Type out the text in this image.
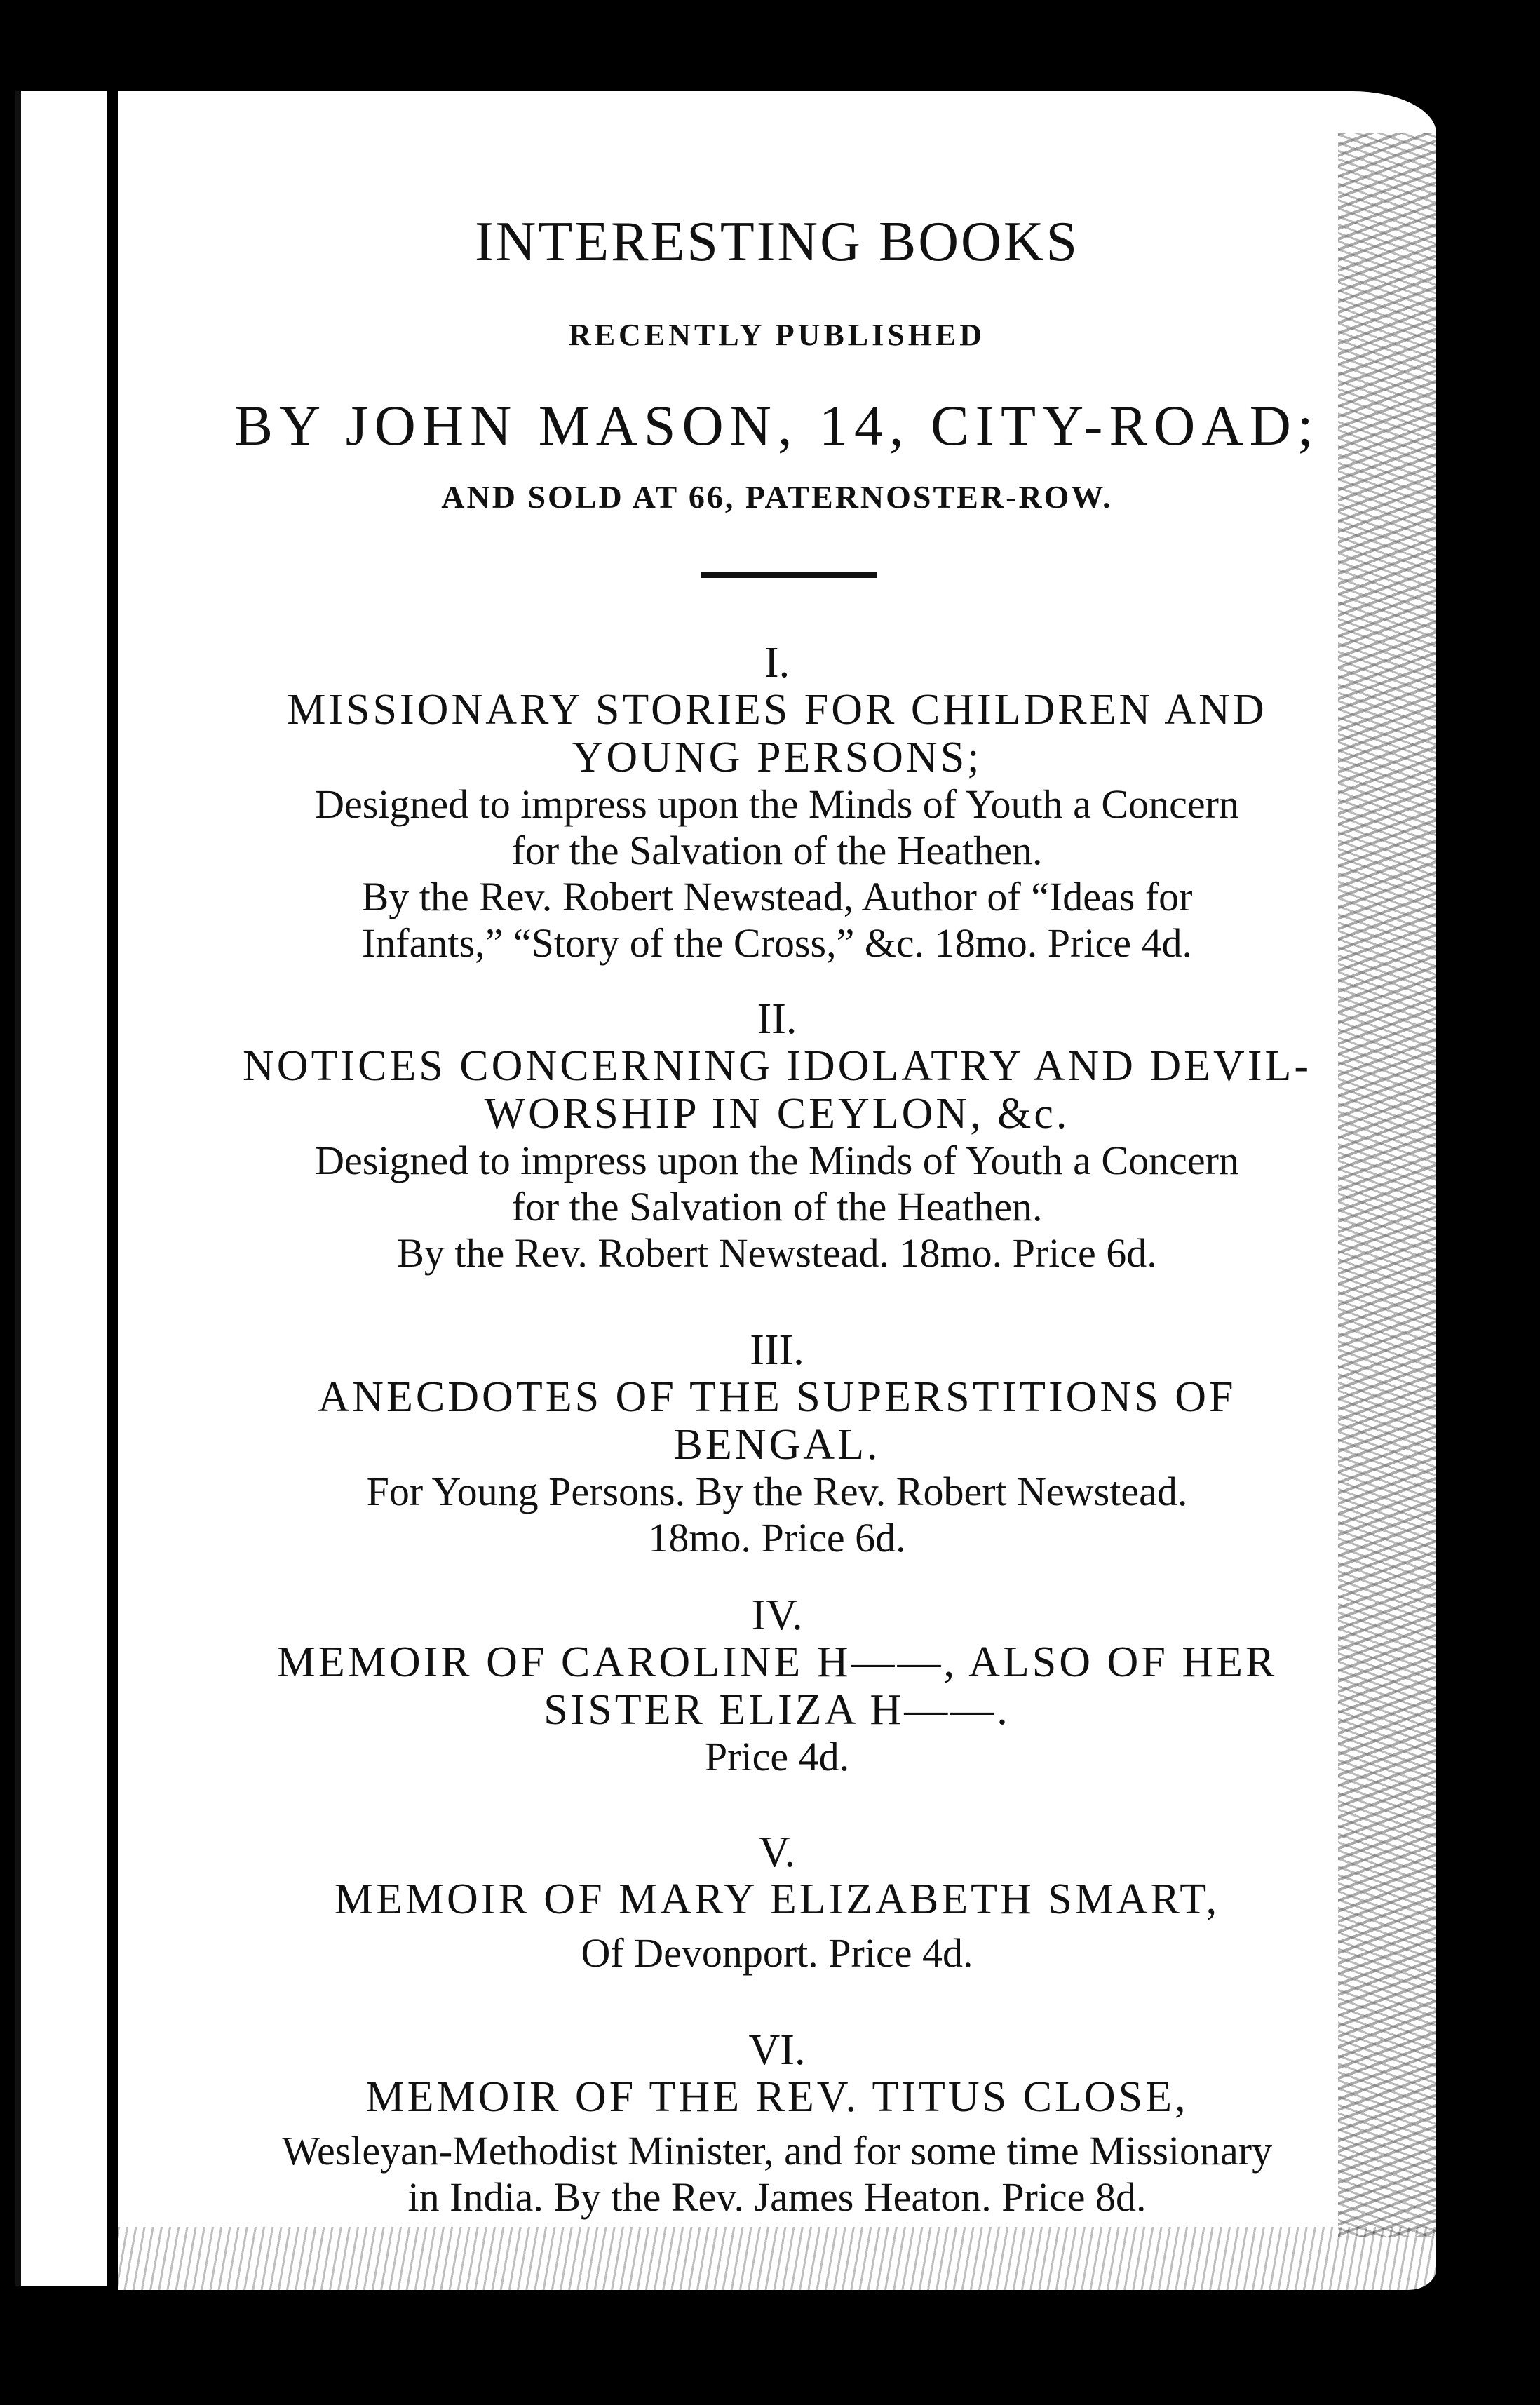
INTERESTING BOOKS
RECENTLY PUBLISHED
BY JOHN MASON, 14, CITY-ROAD;
AND SOLD AT 66, PATERNOSTER-ROW.
I.
MISSIONARY STORIES FOR CHILDREN AND
YOUNG PERSONS;
Designed to impress upon the Minds of Youth a Concern
for the Salvation of the Heathen.
By the Rev. Robert Newstead, Author of “Ideas for
Infants,” “Story of the Cross,” &c. 18mo. Price 4d.
II.
NOTICES CONCERNING IDOLATRY AND DEVIL-
WORSHIP IN CEYLON, &c.
Designed to impress upon the Minds of Youth a Concern
for the Salvation of the Heathen.
By the Rev. Robert Newstead. 18mo. Price 6d.
III.
ANECDOTES OF THE SUPERSTITIONS OF
BENGAL.
For Young Persons. By the Rev. Robert Newstead.
18mo. Price 6d.
IV.
MEMOIR OF CAROLINE H——, ALSO OF HER
SISTER ELIZA H——.
Price 4d.
V.
MEMOIR OF MARY ELIZABETH SMART,
Of Devonport. Price 4d.
VI.
MEMOIR OF THE REV. TITUS CLOSE,
Wesleyan-Methodist Minister, and for some time Missionary
in India. By the Rev. James Heaton. Price 8d.
